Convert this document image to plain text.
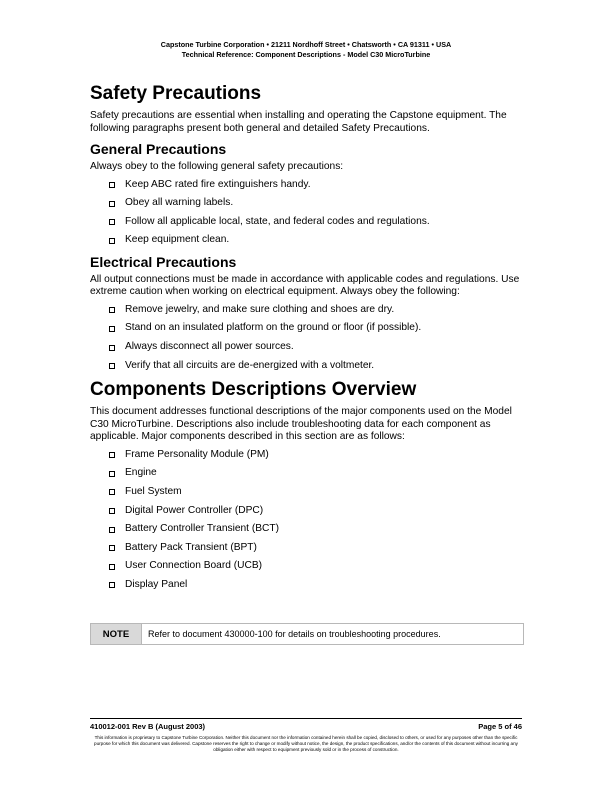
Capstone Turbine Corporation • 21211 Nordhoff Street • Chatsworth • CA 91311 • USA
Technical Reference: Component Descriptions - Model C30 MicroTurbine
Safety Precautions

Safety precautions are essential when installing and operating the Capstone equipment. The following paragraphs present both general and detailed Safety Precautions.

General Precautions

Always obey to the following general safety precautions:

Keep ABC rated fire extinguishers handy.
Obey all warning labels.
Follow all applicable local, state, and federal codes and regulations.
Keep equipment clean.
Electrical Precautions

All output connections must be made in accordance with applicable codes and regulations. Use extreme caution when working on electrical equipment. Always obey the following:

Remove jewelry, and make sure clothing and shoes are dry.
Stand on an insulated platform on the ground or floor (if possible).
Always disconnect all power sources.
Verify that all circuits are de-energized with a voltmeter.
Components Descriptions Overview

This document addresses functional descriptions of the major components used on the Model C30 MicroTurbine. Descriptions also include troubleshooting data for each component as applicable. Major components described in this section are as follows:

Frame Personality Module (PM)
Engine
Fuel System
Digital Power Controller (DPC)
Battery Controller Transient (BCT)
Battery Pack Transient (BPT)
User Connection Board (UCB)
Display Panel
NOTE	Refer to document 430000-100 for details on troubleshooting procedures.
410012-001 Rev B (August 2003)	Page 5 of 46
This information is proprietary to Capstone Turbine Corporation. Neither this document nor the information contained herein shall be copied, disclosed to others, or used for any purposes other than the specific purpose for which this document was delivered. Capstone reserves the right to change or modify without notice, the design, the product specifications, and/or the contents of this document without incurring any obligation either with respect to equipment previously sold or in the process of construction.
